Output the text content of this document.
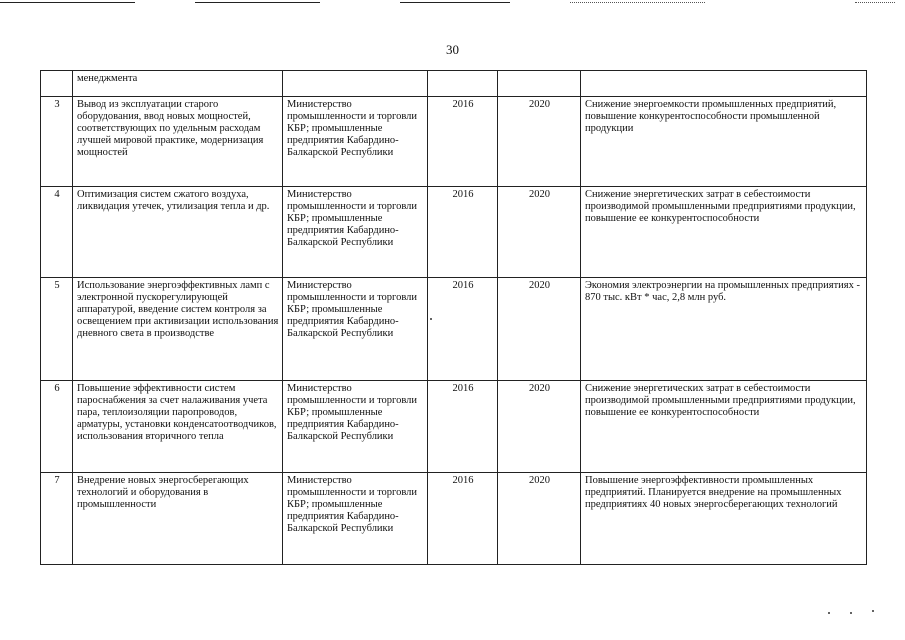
30
	менеджмента				
3	Вывод из эксплуатации старого оборудования, ввод новых мощностей, соответствующих по удельным расходам лучшей мировой практике, модернизация мощностей	Министерство промышленности и торговли КБР; промышленные предприятия Кабардино-Балкарской Республики	2016	2020	Снижение энергоемкости промышленных предприятий, повышение конкурентоспособности промышленной продукции
4	Оптимизация систем сжатого воздуха, ликвидация утечек, утилизация тепла и др.	Министерство промышленности и торговли КБР; промышленные предприятия Кабардино-Балкарской Республики	2016	2020	Снижение энергетических затрат в себестоимости производимой промышленными предприятиями продукции, повышение ее конкурентоспособности
5	Использование энергоэффективных ламп с электронной пускорегулирующей аппаратурой, введение систем контроля за освещением при активизации использования дневного света в производстве	Министерство промышленности и торговли КБР; промышленные предприятия Кабардино-Балкарской Республики	2016	2020	Экономия электроэнергии на промышленных предприятиях - 870 тыс. кВт * час, 2,8 млн руб.
6	Повышение эффективности систем пароснабжения за счет налаживания учета пара, теплоизоляции паропроводов, арматуры, установки конденсатоотводчиков, использования вторичного тепла	Министерство промышленности и торговли КБР; промышленные предприятия Кабардино-Балкарской Республики	2016	2020	Снижение энергетических затрат в себестоимости производимой промышленными предприятиями продукции, повышение ее конкурентоспособности
7	Внедрение новых энергосберегающих технологий и оборудования в промышленности	Министерство промышленности и торговли КБР; промышленные предприятия Кабардино-Балкарской Республики	2016	2020	Повышение энергоэффективности промышленных предприятий. Планируется внедрение на промышленных предприятиях 40 новых энергосберегающих технологий
